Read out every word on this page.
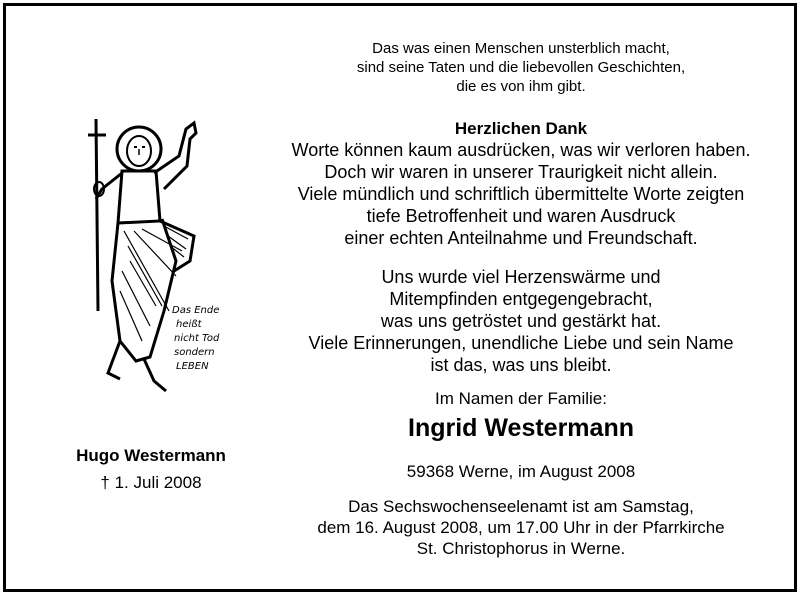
Das Ende
heißt
nicht Tod
sondern
LEBEN
Hugo Westermann
† 1. Juli 2008
Das was einen Menschen unsterblich macht,
sind seine Taten und die liebevollen Geschichten,
die es von ihm gibt.
Herzlichen Dank
Worte können kaum ausdrücken, was wir verloren haben.
Doch wir waren in unserer Traurigkeit nicht allein.
Viele mündlich und schriftlich übermittelte Worte zeigten
tiefe Betroffenheit und waren Ausdruck
einer echten Anteilnahme und Freundschaft.
Uns wurde viel Herzenswärme und
Mitempfinden entgegengebracht,
was uns getröstet und gestärkt hat.
Viele Erinnerungen, unendliche Liebe und sein Name
ist das, was uns bleibt.
Im Namen der Familie:
Ingrid Westermann
59368 Werne, im August 2008
Das Sechswochenseelenamt ist am Samstag,
dem 16. August 2008, um 17.00 Uhr in der Pfarrkirche
St. Christophorus in Werne.
